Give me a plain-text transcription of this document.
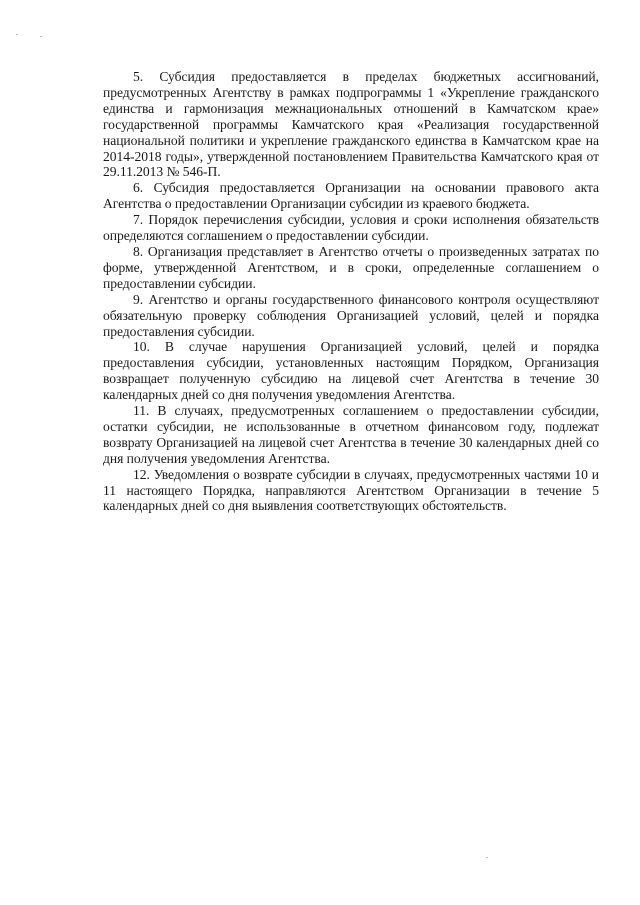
5. Субсидия предоставляется в пределах бюджетных ассигнований, предусмотренных Агентству в рамках подпрограммы 1 «Укрепление гражданского единства и гармонизация межнациональных отношений в Камчатском крае» государственной программы Камчатского края «Реализация государственной национальной политики и укрепление гражданского единства в Камчатском крае на 2014-2018 годы», утвержденной постановлением Правительства Камчатского края от 29.11.2013 № 546-П.

6. Субсидия предоставляется Организации на основании правового акта Агентства о предоставлении Организации субсидии из краевого бюджета.

7. Порядок перечисления субсидии, условия и сроки исполнения обязательств определяются соглашением о предоставлении субсидии.

8. Организация представляет в Агентство отчеты о произведенных затратах по форме, утвержденной Агентством, и в сроки, определенные соглашением о предоставлении субсидии.

9. Агентство и органы государственного финансового контроля осуществляют обязательную проверку соблюдения Организацией условий, целей и порядка предоставления субсидии.

10. В случае нарушения Организацией условий, целей и порядка предоставления субсидии, установленных настоящим Порядком, Организация возвращает полученную субсидию на лицевой счет Агентства в течение 30 календарных дней со дня получения уведомления Агентства.

11. В случаях, предусмотренных соглашением о предоставлении субсидии, остатки субсидии, не использованные в отчетном финансовом году, подлежат возврату Организацией на лицевой счет Агентства в течение 30 календарных дней со дня получения уведомления Агентства.

12. Уведомления о возврате субсидии в случаях, предусмотренных частями 10 и 11 настоящего Порядка, направляются Агентством Организации в течение 5 календарных дней со дня выявления соответствующих обстоятельств.
